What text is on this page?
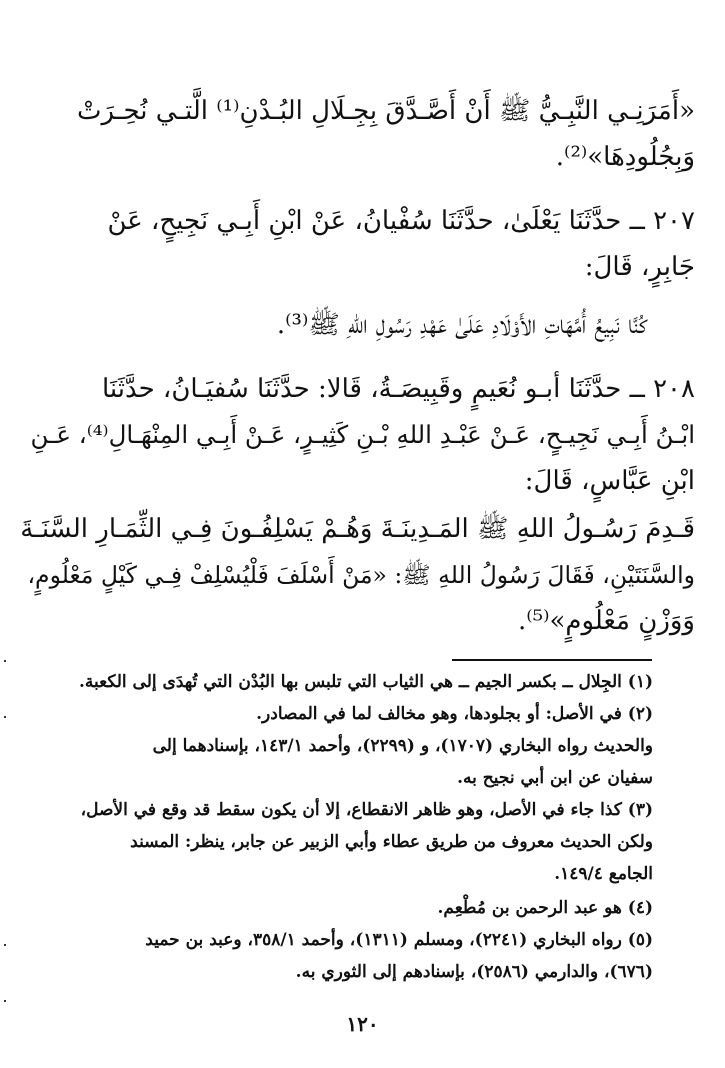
«أَمَرَنِـي النَّبِـيُّ ﷺ أَنْ أَصَّـدَّقَ بِجِـلَالِ البُـدْنِ⁽¹⁾ الَّتـي نُحِـرَتْ
وَبِجُلُودِهَا»⁽²⁾.
٢٠٧ ــ حدَّثَنَا يَعْلَىٰ، حدَّثَنَا سُفْيانُ، عَنْ ابْنِ أَبِـي نَجِيحٍ، عَنْ
جَابِرٍ، قَالَ:
كُنَّا نَبِيعُ أُمَّهَاتِ الأَوْلَادِ عَلَىٰ عَهْدِ رَسُولِ اللهِ ﷺ⁽³⁾.
٢٠٨ ــ حدَّثَنَا أبـو نُعَيمٍ وقَبِيصَـةُ، قَالا: حدَّثَنَا سُفيَـانُ، حدَّثَنَا
ابْـنُ أَبِـي نَجِيـحٍ، عَـنْ عَبْـدِ اللهِ بْـنِ كَثِيـرٍ، عَـنْ أَبِـي المِنْهَـالِ⁽⁴⁾، عَـنِ
ابْنِ عَبَّاسٍ، قَالَ:
قَـدِمَ رَسُـولُ اللهِ ﷺ المَـدِينَـةَ وَهُـمْ يَسْلِفُـونَ فِـي الثِّمَـارِ السَّنَـةَ
والسَّنَتَيْنِ، فَقَالَ رَسُولُ اللهِ ﷺ: «مَنْ أَسْلَفَ فَلْيُسْلِفْ فِـي كَيْلٍ مَعْلُومٍ،
وَوَزْنٍ مَعْلُومٍ»⁽⁵⁾.
(١) الجِلال ــ بكسر الجيم ــ هي الثياب التي تلبس بها البُدْن التي تُهدَى إلى الكعبة.
(٢) في الأصل: أو بجلودها، وهو مخالف لما في المصادر.
والحديث رواه البخاري (١٧٠٧)، و (٢٢٩٩)، وأحمد ١٤٣/١، بإسنادهما إلى
سفيان عن ابن أبي نجيح به.
(٣) كذا جاء في الأصل، وهو ظاهر الانقطاع، إلا أن يكون سقط قد وقع في الأصل،
ولكن الحديث معروف من طريق عطاء وأبي الزبير عن جابر، ينظر: المسند
الجامع ١٤٩/٤.
(٤) هو عبد الرحمن بن مُطْعِم.
(٥) رواه البخاري (٢٢٤١)، ومسلم (١٣١١)، وأحمد ٣٥٨/١، وعبد بن حميد
(٦٧٦)، والدارمي (٢٥٨٦)، بإسنادهم إلى الثوري به.
١٢٠
